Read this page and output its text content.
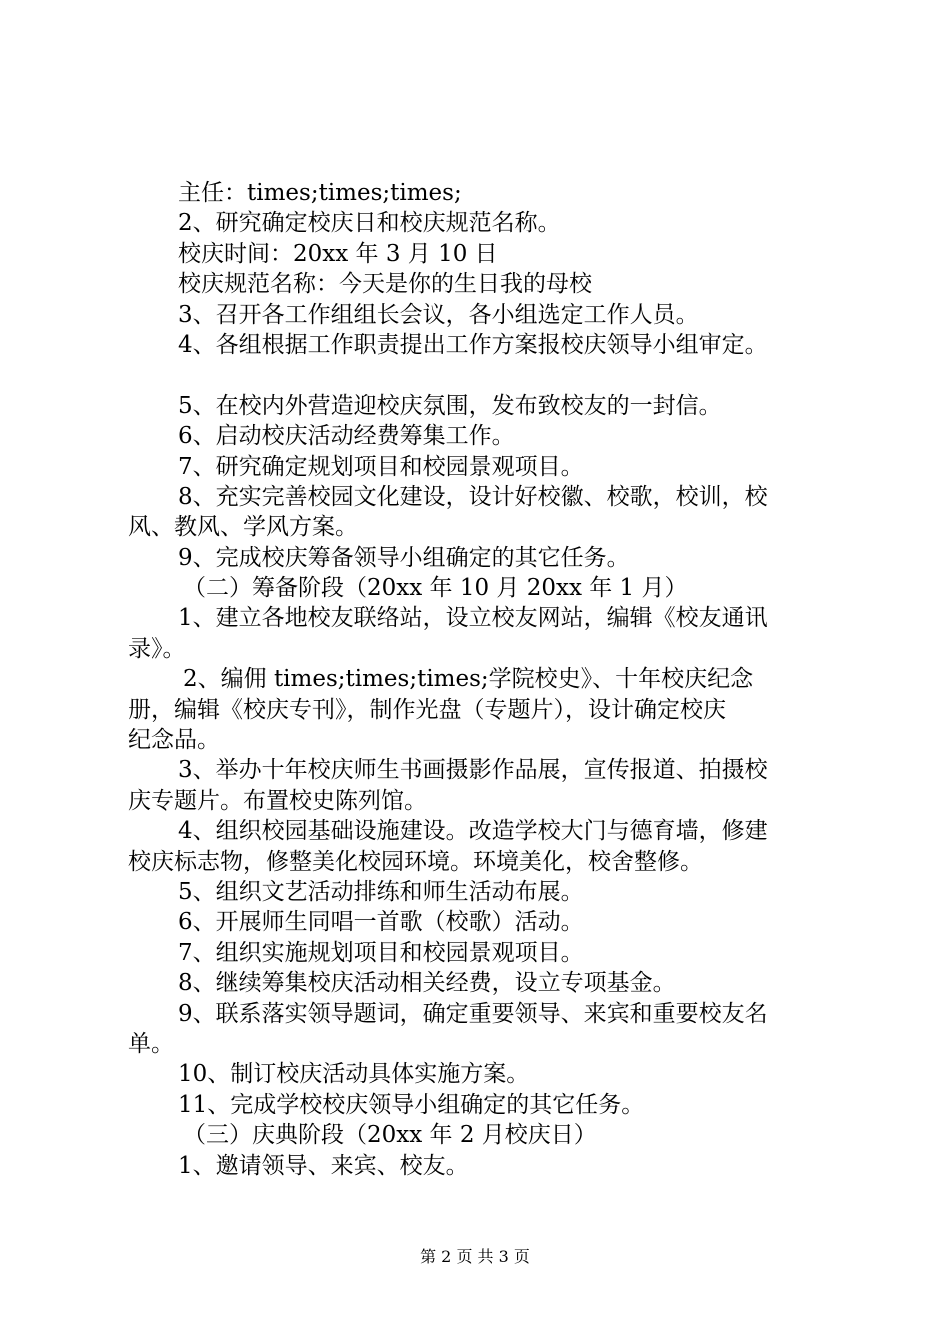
主任：times;times;times;
2、研究确定校庆日和校庆规范名称。
校庆时间：20xx 年 3 月 10 日
校庆规范名称：今天是你的生日我的母校
3、召开各工作组组长会议，各小组选定工作人员。
4、各组根据工作职责提出工作方案报校庆领导小组审定。
5、在校内外营造迎校庆氛围，发布致校友的一封信。
6、启动校庆活动经费筹集工作。
7、研究确定规划项目和校园景观项目。
8、充实完善校园文化建设，设计好校徽、校歌，校训，校
风、教风、学风方案。
9、完成校庆筹备领导小组确定的其它任务。
（二）筹备阶段（20xx 年 10 月 20xx 年 1 月）
1、建立各地校友联络站，设立校友网站，编辑《校友通讯
录》。
2、编佣 times;times;times;学院校史》、十年校庆纪念
册，编辑《校庆专刊》，制作光盘（专题片），设计确定校庆
纪念品。
3、举办十年校庆师生书画摄影作品展，宣传报道、拍摄校
庆专题片。布置校史陈列馆。
4、组织校园基础设施建设。改造学校大门与德育墙，修建
校庆标志物，修整美化校园环境。环境美化，校舍整修。
5、组织文艺活动排练和师生活动布展。
6、开展师生同唱一首歌（校歌）活动。
7、组织实施规划项目和校园景观项目。
8、继续筹集校庆活动相关经费，设立专项基金。
9、联系落实领导题词，确定重要领导、来宾和重要校友名
单。
10、制订校庆活动具体实施方案。
11、完成学校校庆领导小组确定的其它任务。
（三）庆典阶段（20xx 年 2 月校庆日）
1、邀请领导、来宾、校友。
第 2 页 共 3 页
